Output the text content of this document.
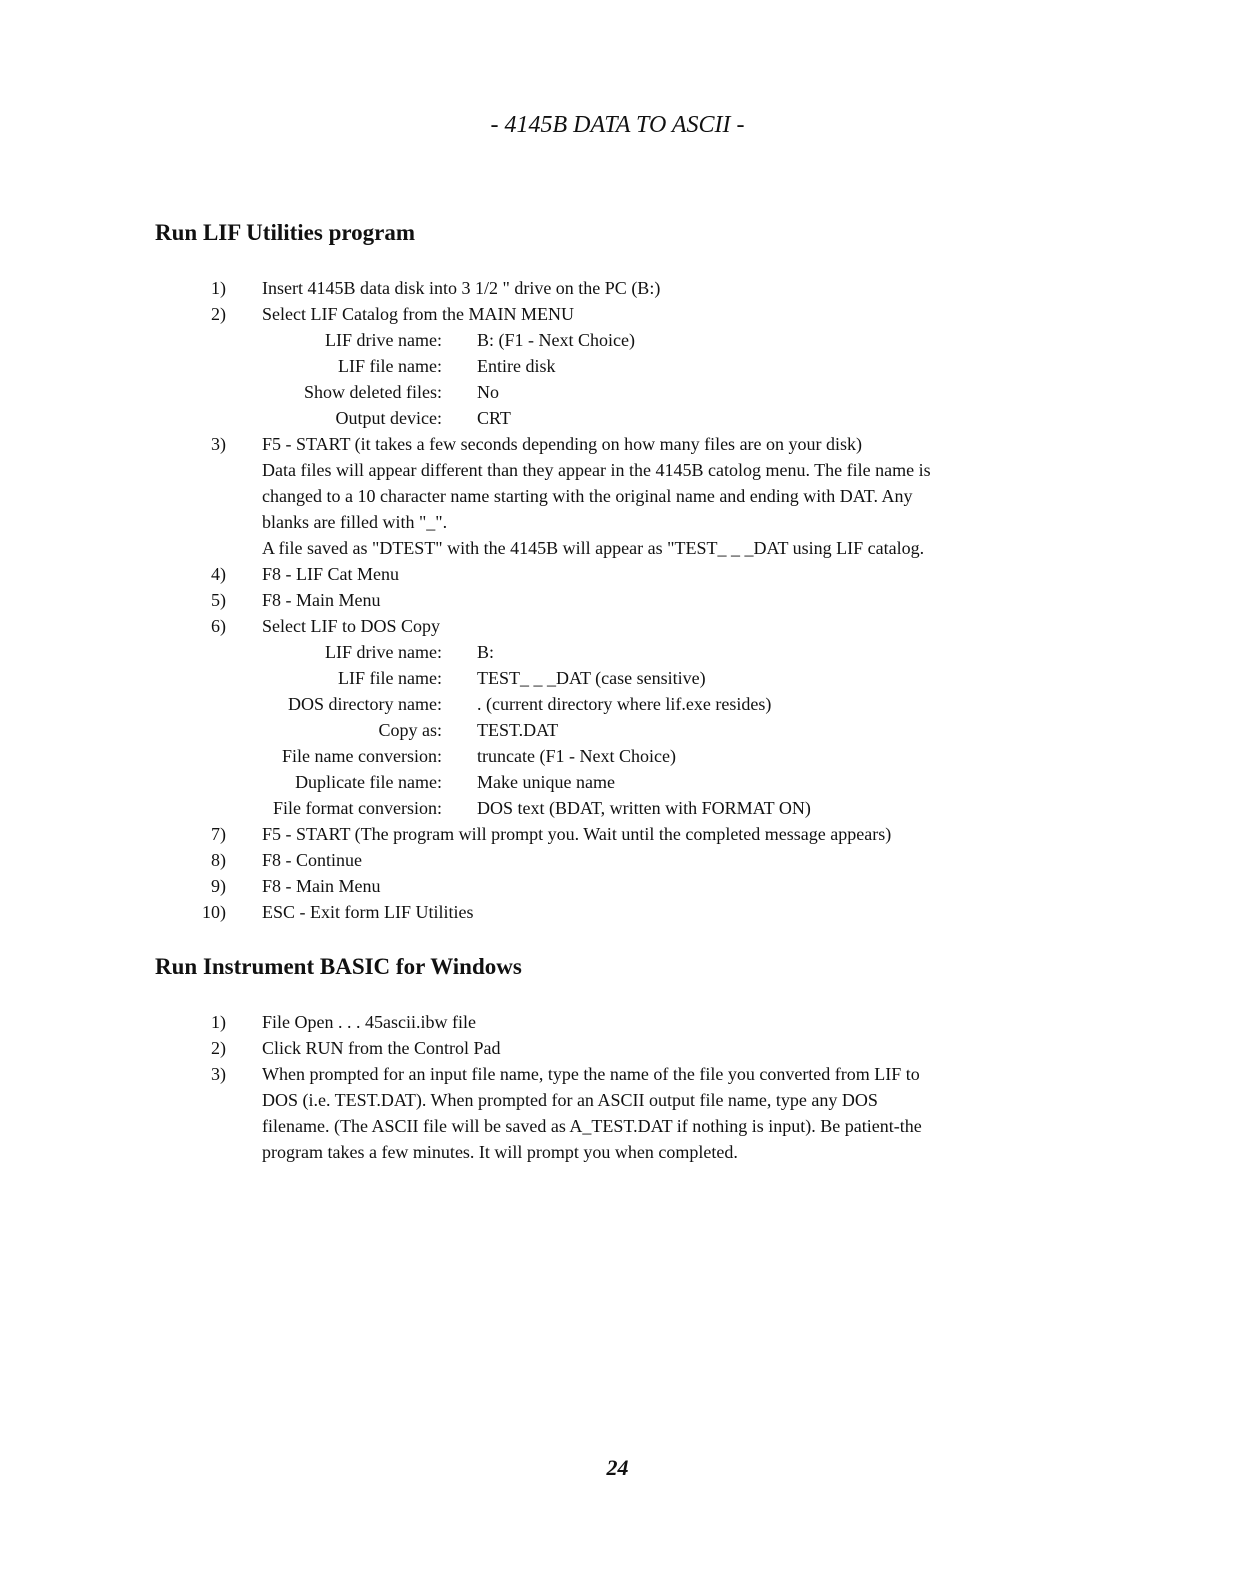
- 4145B DATA TO ASCII -
Run LIF Utilities program
1) Insert 4145B data disk into 3 1/2 " drive on the PC (B:)
2) Select LIF Catalog from the MAIN MENU
LIF drive name: B: (F1 - Next Choice)
LIF file name: Entire disk
Show deleted files: No
Output device: CRT
3) F5 - START (it takes a few seconds depending on how many files are on your disk)
Data files will appear different than they appear in the 4145B catolog menu. The file name is
changed to a 10 character name starting with the original name and ending with DAT. Any
blanks are filled with "_".
A file saved as "DTEST" with the 4145B will appear as "TEST_ _ _DAT using LIF catalog.
4) F8 - LIF Cat Menu
5) F8 - Main Menu
6) Select LIF to DOS Copy
LIF drive name: B:
LIF file name: TEST_ _ _DAT (case sensitive)
DOS directory name: . (current directory where lif.exe resides)
Copy as: TEST.DAT
File name conversion: truncate (F1 - Next Choice)
Duplicate file name: Make unique name
File format conversion: DOS text (BDAT, written with FORMAT ON)
7) F5 - START (The program will prompt you. Wait until the completed message appears)
8) F8 - Continue
9) F8 - Main Menu
10) ESC - Exit form LIF Utilities
Run Instrument BASIC for Windows
1) File Open . . . 45ascii.ibw file
2) Click RUN from the Control Pad
3) When prompted for an input file name, type the name of the file you converted from LIF to
DOS (i.e. TEST.DAT). When prompted for an ASCII output file name, type any DOS
filename. (The ASCII file will be saved as A_TEST.DAT if nothing is input). Be patient-the
program takes a few minutes. It will prompt you when completed.
24
